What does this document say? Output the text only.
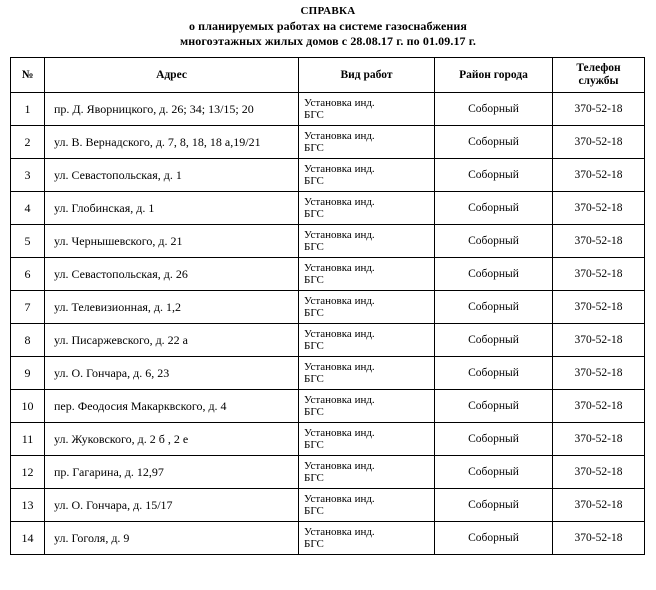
СПРАВКА
о планируемых работах на системе газоснабжения
многоэтажных жилых домов с 28.08.17 г. по 01.09.17 г.
№	Адрес	Вид работ	Район города	Телефон
службы
1	пр. Д. Яворницкого, д. 26; 34; 13/15; 20	Установка инд.
БГС	Соборный	370-52-18
2	ул. В. Вернадского, д. 7, 8, 18, 18 а,19/21	Установка инд.
БГС	Соборный	370-52-18
3	ул. Севастопольская, д. 1	Установка инд.
БГС	Соборный	370-52-18
4	ул. Глобинская, д. 1	Установка инд.
БГС	Соборный	370-52-18
5	ул. Чернышевского, д. 21	Установка инд.
БГС	Соборный	370-52-18
6	ул. Севастопольская, д. 26	Установка инд.
БГС	Соборный	370-52-18
7	ул. Телевизионная, д. 1,2	Установка инд.
БГС	Соборный	370-52-18
8	ул. Писаржевского, д. 22 а	Установка инд.
БГС	Соборный	370-52-18
9	ул. О. Гончара, д. 6, 23	Установка инд.
БГС	Соборный	370-52-18
10	пер. Феодосия Макарквского, д. 4	Установка инд.
БГС	Соборный	370-52-18
11	ул. Жуковского, д. 2 б , 2 е	Установка инд.
БГС	Соборный	370-52-18
12	пр. Гагарина, д. 12,97	Установка инд.
БГС	Соборный	370-52-18
13	ул. О. Гончара, д. 15/17	Установка инд.
БГС	Соборный	370-52-18
14	ул. Гоголя, д. 9	Установка инд.
БГС	Соборный	370-52-18
